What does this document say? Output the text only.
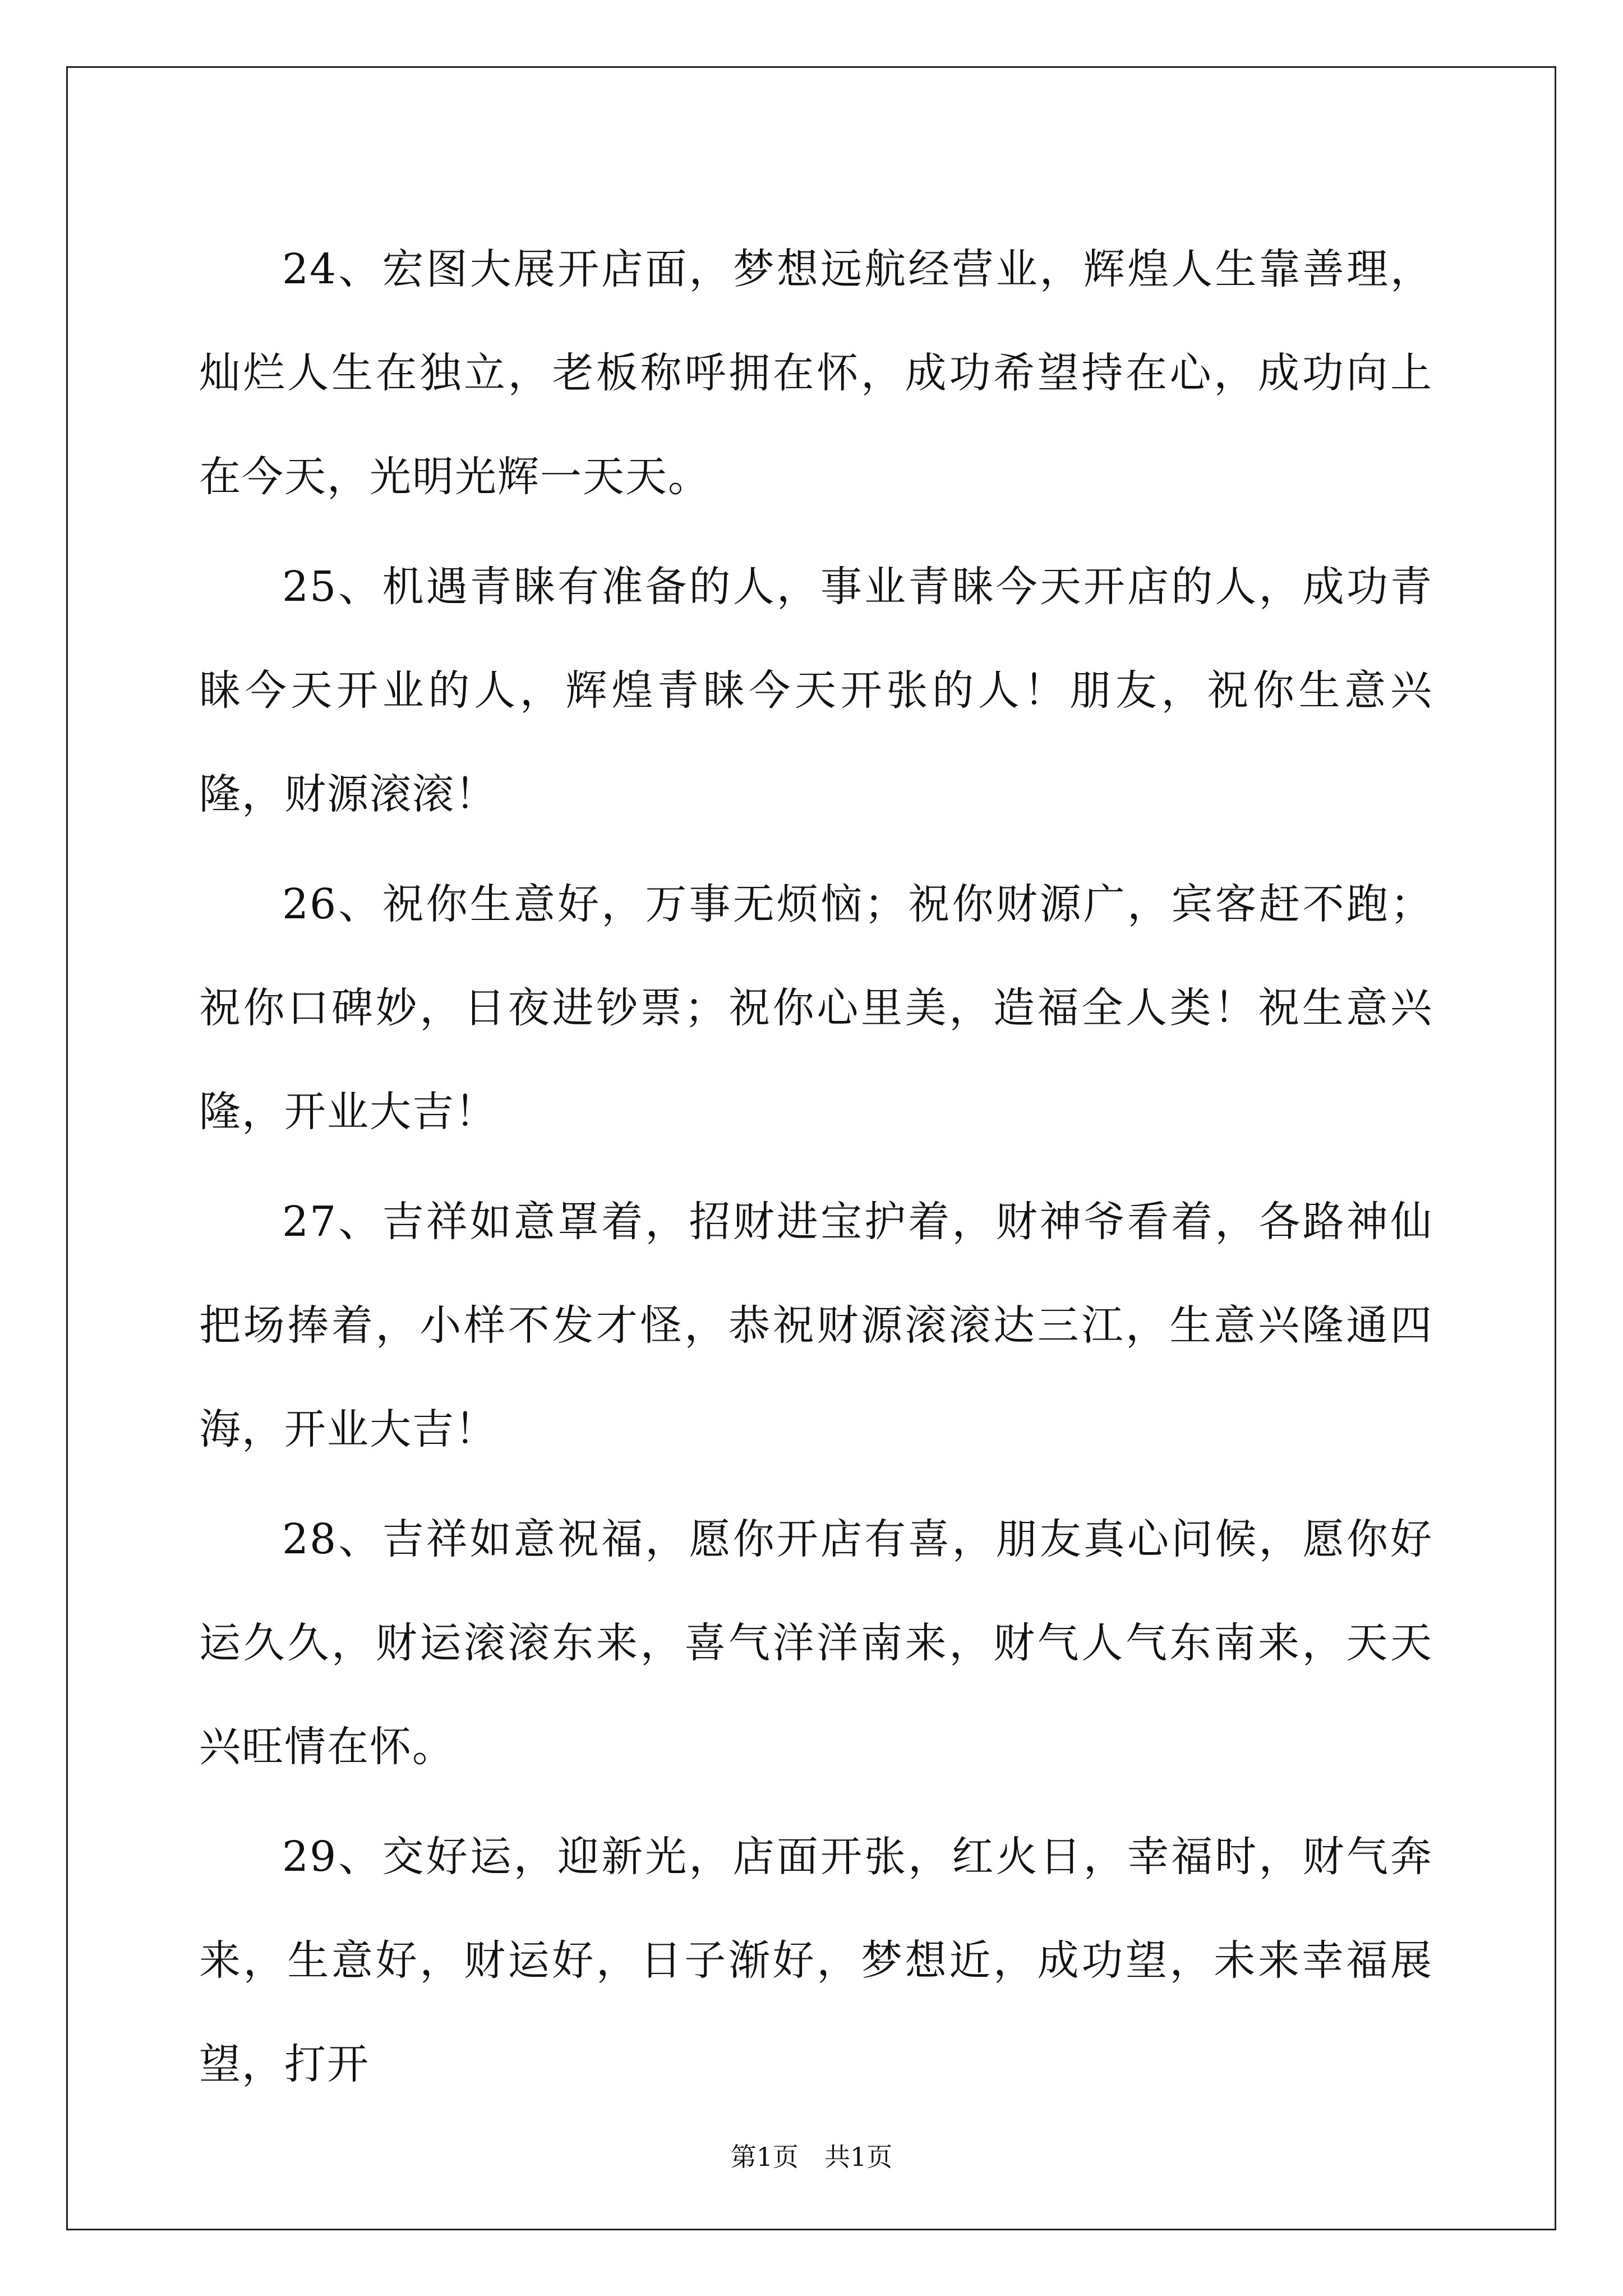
24、宏图大展开店面，梦想远航经营业，辉煌人生靠善理，灿烂人生在独立，老板称呼拥在怀，成功希望持在心，成功向上在今天，光明光辉一天天。

25、机遇青睐有准备的人，事业青睐今天开店的人，成功青睐今天开业的人，辉煌青睐今天开张的人！朋友，祝你生意兴隆，财源滚滚！

26、祝你生意好，万事无烦恼；祝你财源广，宾客赶不跑；祝你口碑妙，日夜进钞票；祝你心里美，造福全人类！祝生意兴隆，开业大吉！

27、吉祥如意罩着，招财进宝护着，财神爷看着，各路神仙把场捧着，小样不发才怪，恭祝财源滚滚达三江，生意兴隆通四海，开业大吉！

28、吉祥如意祝福，愿你开店有喜，朋友真心问候，愿你好运久久，财运滚滚东来，喜气洋洋南来，财气人气东南来，天天兴旺情在怀。

29、交好运，迎新光，店面开张，红火日，幸福时，财气奔来，生意好，财运好，日子渐好，梦想近，成功望，未来幸福展望，打开

第1页 共1页
